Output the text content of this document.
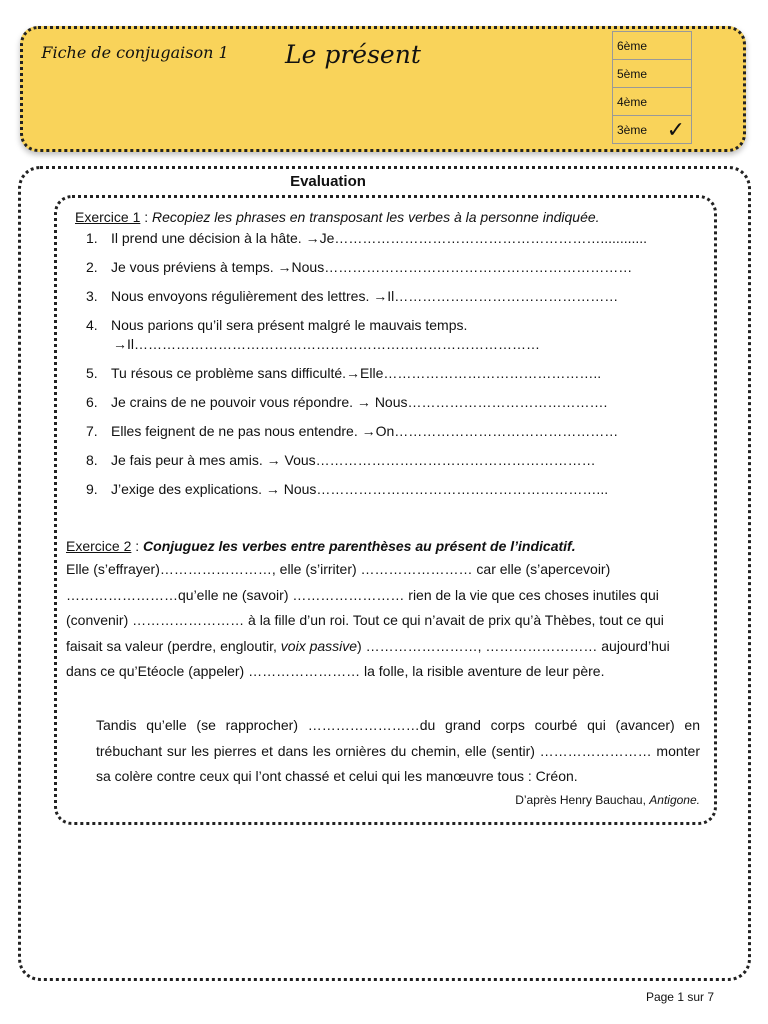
Fiche de conjugaison 1 Le présent	6ème
5ème
4ème
3ème ✓
Evaluation
Exercice 1 : Recopiez les phrases en transposant les verbes à la personne indiquée.
1. Il prend une décision à la hâte. →Je…………………………………………………............
2. Je vous préviens à temps. →Nous…………………………………………………………
3. Nous envoyons régulièrement des lettres. →Il…………………………………………
4. Nous parions qu’il sera présent malgré le mauvais temps.
→Il……………………………………………………………………………
5. Tu résous ce problème sans difficulté.→Elle………………………………………..
6. Je crains de ne pouvoir vous répondre. → Nous…………………………………….
7. Elles feignent de ne pas nous entendre. →On…………………………………………
8. Je fais peur à mes amis. → Vous……………………………………………………
9. J’exige des explications. → Nous……………………………………………………...
Exercice 2 : Conjuguez les verbes entre parenthèses au présent de l’indicatif.
Elle (s’effrayer)……………………, elle (s’irriter) …………………… car elle (s’apercevoir) ……………………qu’elle ne (savoir) …………………… rien de la vie que ces choses inutiles qui (convenir) …………………… à la fille d’un roi. Tout ce qui n’avait de prix qu’à Thèbes, tout ce qui faisait sa valeur (perdre, engloutir, voix passive) ……………………, …………………… aujourd’hui dans ce qu’Etéocle (appeler) …………………… la folle, la risible aventure de leur père.
Tandis qu’elle (se rapprocher) ……………………du grand corps courbé qui (avancer) en trébuchant sur les pierres et dans les ornières du chemin, elle (sentir) …………………… monter sa colère contre ceux qui l’ont chassé et celui qui les manœuvre tous : Créon.
D’après Henry Bauchau, Antigone.
Page 1 sur 7
